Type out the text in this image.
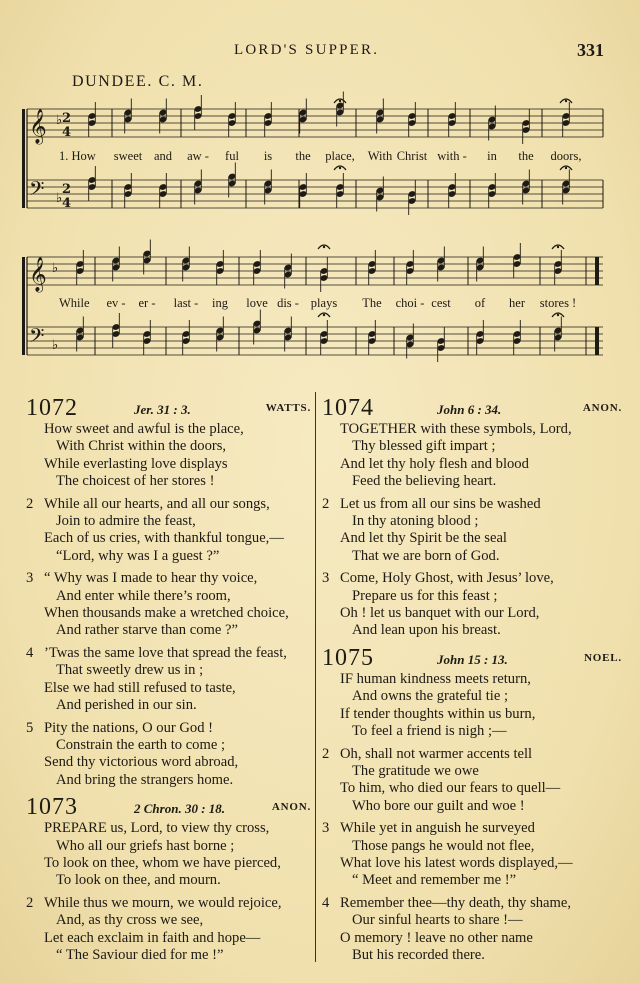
LORD'S SUPPER.	331
DUNDEE. C. M.
𝄞
𝄞
𝄢
𝄢
2
4
2
4
♭
♭
♭
♭
1. How sweet and aw - ful is the place, With Christ with - in the doors,
While ev - er - last - ing love dis - plays The choi - cest of her stores !
1072	Jer. 31 : 3.	WATTS.
How sweet and awful is the place,
With Christ within the doors,
While everlasting love displays
The choicest of her stores !
2 While all our hearts, and all our songs,
Join to admire the feast,
Each of us cries, with thankful tongue,—
“Lord, why was I a guest ?”
3 “ Why was I made to hear thy voice,
And enter while there’s room,
When thousands make a wretched choice,
And rather starve than come ?”
4 ’Twas the same love that spread the feast,
That sweetly drew us in ;
Else we had still refused to taste,
And perished in our sin.
5 Pity the nations, O our God !
Constrain the earth to come ;
Send thy victorious word abroad,
And bring the strangers home.
1073	2 Chron. 30 : 18.	ANON.
PREPARE us, Lord, to view thy cross,
Who all our griefs hast borne ;
To look on thee, whom we have pierced,
To look on thee, and mourn.
2 While thus we mourn, we would rejoice,
And, as thy cross we see,
Let each exclaim in faith and hope—
“ The Saviour died for me !”
1074	John 6 : 34.	ANON.
TOGETHER with these symbols, Lord,
Thy blessed gift impart ;
And let thy holy flesh and blood
Feed the believing heart.
2 Let us from all our sins be washed
In thy atoning blood ;
And let thy Spirit be the seal
That we are born of God.
3 Come, Holy Ghost, with Jesus’ love,
Prepare us for this feast ;
Oh ! let us banquet with our Lord,
And lean upon his breast.
1075	John 15 : 13.	NOEL.
IF human kindness meets return,
And owns the grateful tie ;
If tender thoughts within us burn,
To feel a friend is nigh ;—
2 Oh, shall not warmer accents tell
The gratitude we owe
To him, who died our fears to quell—
Who bore our guilt and woe !
3 While yet in anguish he surveyed
Those pangs he would not flee,
What love his latest words displayed,—
“ Meet and remember me !”
4 Remember thee—thy death, thy shame,
Our sinful hearts to share !—
O memory ! leave no other name
But his recorded there.
